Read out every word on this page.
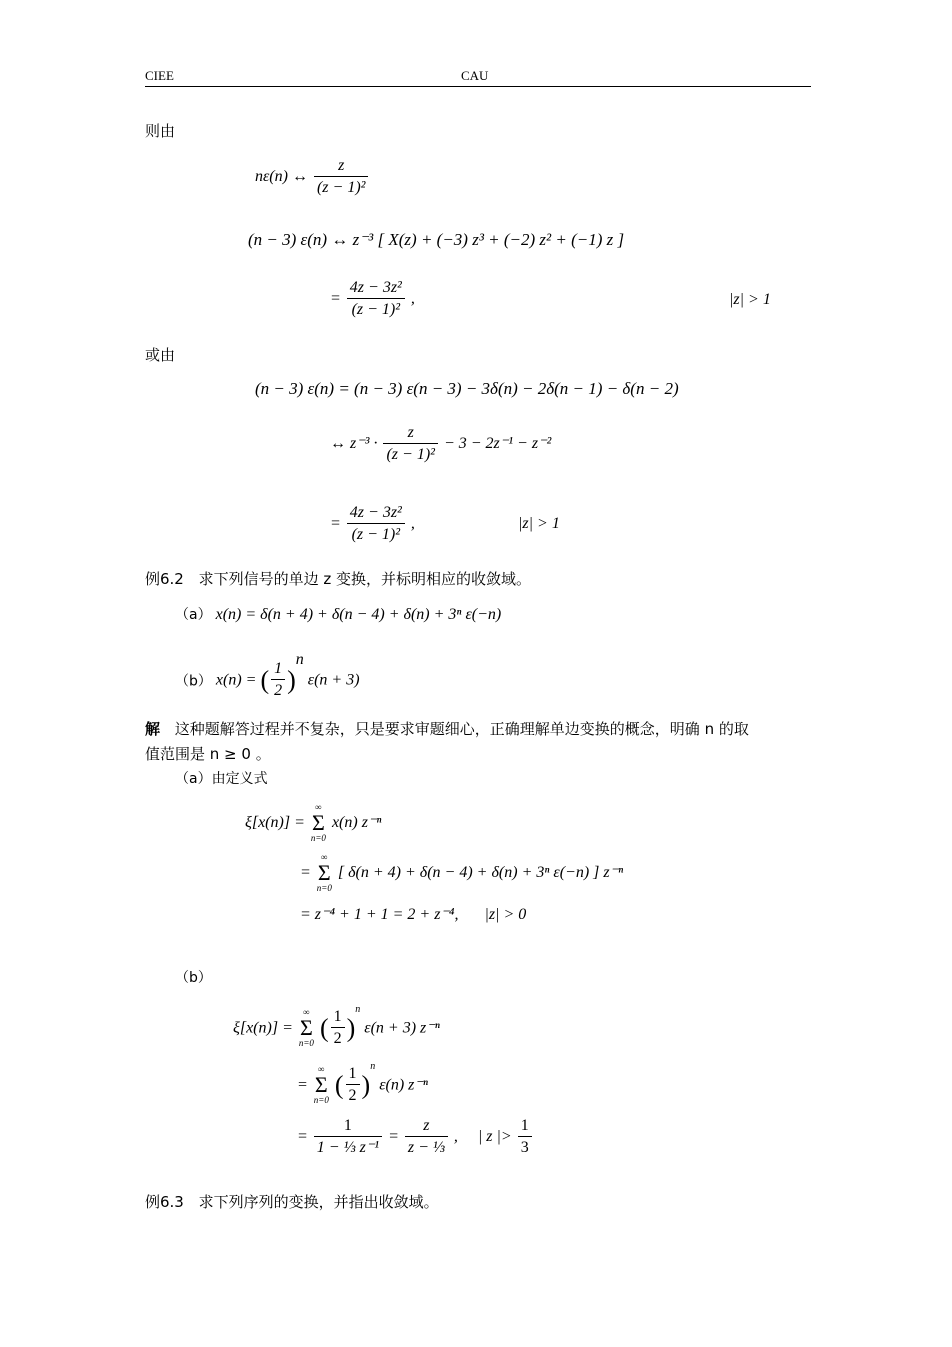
CIEE	CAU
则由
nε(n) ↔ $\frac{z}{\text{(z − 1)²}}$
(n − 3) ε(n) ↔ z⁻³ [ X(z) + (−3) z³ + (−2) z² + (−1) z ]
= $\frac{\text{4z − 3z²}}{\text{(z − 1)²}}$ ,	|z| > 1
或由
(n − 3) ε(n) = (n − 3) ε(n − 3) − 3δ(n) − 2δ(n − 1) − δ(n − 2)
↔ $z^{-3} \cdot \frac{z}{\text{(z − 1)²}} - 3 - 2z^{-1} - z^{-2}$
= $\frac{\text{4z − 3z²}}{\text{(z − 1)²}}$ ,	|z| > 1
例6.2 求下列信号的单边 z 变换，并标明相应的收敛域。
（a） x(n) = δ(n + 4) + δ(n − 4) + δ(n) + 3ⁿ ε(−n)
（b） x(n) = ( $\frac{1}{2} )^n$ ε(n + 3)
解 这种题解答过程并不复杂，只是要求审题细心，正确理解单边变换的概念，明确 n 的取
值范围是 n ≥ 0 。
（a）由定义式
ξ[x(n)] =
∞
Σ
n=0
x(n) z⁻ⁿ
=
∞
Σ
n=0
[ δ(n + 4) + δ(n − 4) + δ(n) + 3ⁿ ε(−n) ] z⁻ⁿ
= z⁻⁴ + 1 + 1 = 2 + z⁻⁴, |z| > 0
（b）
ξ[x(n)] =
∞
Σ
n=0
( $\frac{1}{2} )^n$ ε(n + 3) z⁻ⁿ
=
∞
Σ
n=0
( $\frac{1}{2} )^n$ ε(n) z⁻ⁿ
= $\frac{1}{\text{1 − ⅓ z⁻¹}} = \frac{z}{\text{z − ⅓}}$ , | z |> $\frac{1}{3}$
例6.3 求下列序列的变换，并指出收敛域。
